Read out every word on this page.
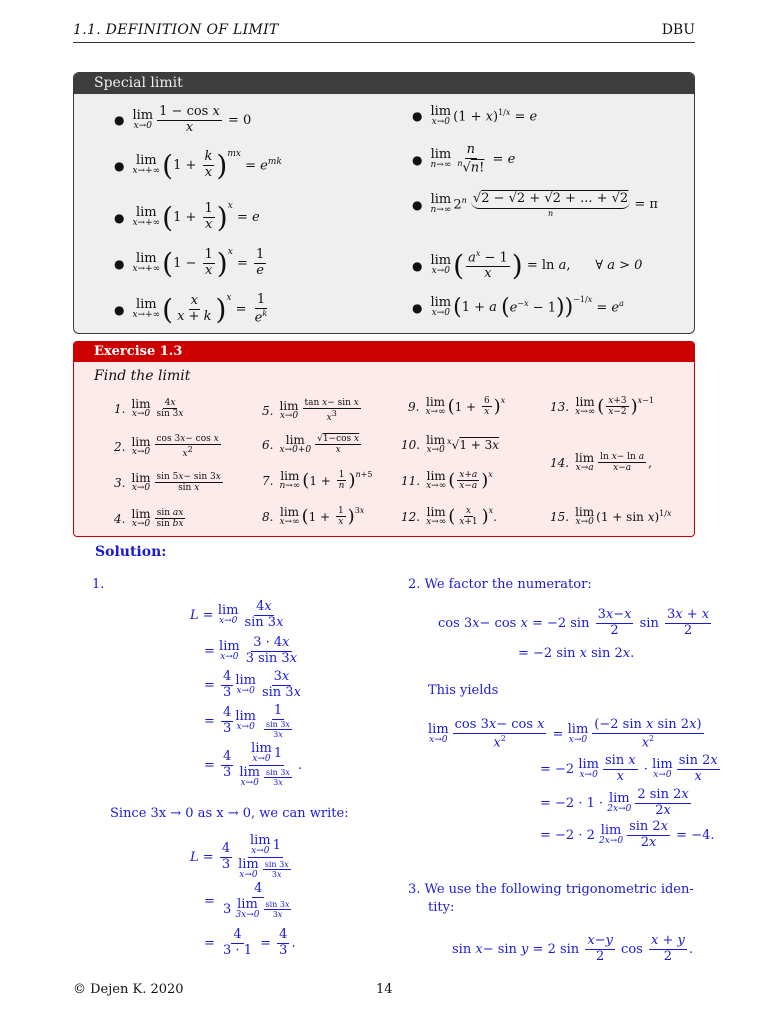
1.1. DEFINITION OF LIMIT	DBU
Special limit
● lim
$x\to 0 \frac{\text{1 − cos x}}{x} = 0$
● lim
x→+∞ ( $1 + \frac{k}{x} )^{mx}$
= $e^{mk}$
● lim
x→+∞ ( $1 + \frac{1}{x} )^x$
= e
● lim
x→+∞ ( $1 - \frac{1}{x} )^x$
= $\frac{1}{e}$
● lim
x→+∞ ( $\frac{x}{x + k} )^x$
= $\frac{1}{e^k}$
● lim
x→0 $(1 + x)^{1/x} = e$
● lim
$n\to\infty \frac{n}{^n√n!} = e$
● lim
n→∞ 2$^n$ √2 − √2 + √2 + ... + √2
n
= π
● lim
x→0 ( $\frac{a^x - 1}{x}$ ) = ln a, ∀ a > 0
● lim
x→0 ( 1 + a ( $e^{-x} - 1$ ) )$^{-1/x}$
= $e^a$
Exercise 1.3
Find the limit
1. lim
$x\to 0 \frac{4x}{\sin 3x}$
2. lim
$x\to 0 \frac{\text{cos 3x− cos x}}{x^2}$
3. lim
$x\to 0 \frac{\sin 5x- \sin 3x}{\text{sin x}}$
4. lim
$x\to 0 \frac{\text{sin ax}}{\text{sin bx}}$
5. lim
$x\to 0 \frac{\text{tan x− sin x}}{x^3}$
6. lim
$x\to 0+0 \frac{\text{√1−cos x}}{x}$
7. lim
n→∞ ( $1 + \frac{1}{n}$ ) $^{n+5}$
8. lim
x→∞ ( $1 + \frac{1}{x} )^{3x}$
9. lim
x→∞ ( $1 + \frac{6}{x} )^x$
10. lim
x→0
$^x$√1 + 3x
11. lim
x→∞ ( $\frac{x+a}{x-a} )^x$
12. lim
x→∞ ( $\frac{x}{x+1} )^x$ .
13. lim
x→∞ ( $\frac{x+3}{x-2}$ ) $^{x-1}$
14. lim
$x\to a \frac{\text{ln x− ln a}}{x-a}$ ,
15. lim
x→0 $(1 + \sin x)^{1/x}$
Solution:
1.
L = lim
$x\to 0 \frac{4x}{\sin 3x}$
= lim
$x\to 0 \frac{3 \cdot 4x}{3 \sin 3x}$
= $\frac{4}{3}$ lim
$x\to 0 \frac{3x}{\sin 3x}$
= $\frac{4}{3}$ lim
$x\to 0 \frac{1}{\frac{\sin 3x}{3x}}$
= $\frac{4}{3}$ lim
x→0 1
lim
$x\to 0 \frac{\sin 3x}{3x}$ .
Since 3x → 0 as x → 0, we can write:
$L = \frac{4}{3}$ lim
x→0 1
lim
$x\to 0 \frac{\sin 3x}{3x}$
= 4
3 lim
$3x\to 0 \frac{\sin 3x}{3x}$
= $\frac{4}{3 \cdot 1} = \frac{4}{3}$ .
2. We factor the numerator:
cos 3x− cos x = −2 $\sin \frac{3x-x}{2}$ $\sin \frac{3x + x}{2}$
= −2 sin x sin 2x.
This yields
lim
$x\to 0 \frac{\text{cos 3x− cos x}}{x^2} = \lim$
$x\to 0 \frac{\text{(−2 sin x sin 2x)}}{x^2}$
= −2 lim
$x\to 0 \frac{\text{sin x}}{x} \cdot \lim$
$x\to 0 \frac{\sin 2x}{x}$
= −2 · 1 · lim
$2x\to 0 \frac{2 \sin 2x}{2x}$
= −2 · 2 lim
$2x\to 0 \frac{\sin 2x}{2x} = -4$.
3. We use the following trigonometric iden-
tity:
sin x− sin y = 2 $\sin \frac{x-y}{2}$ $\cos \frac{x + y}{2}$ .
© Dejen K. 2020	14
